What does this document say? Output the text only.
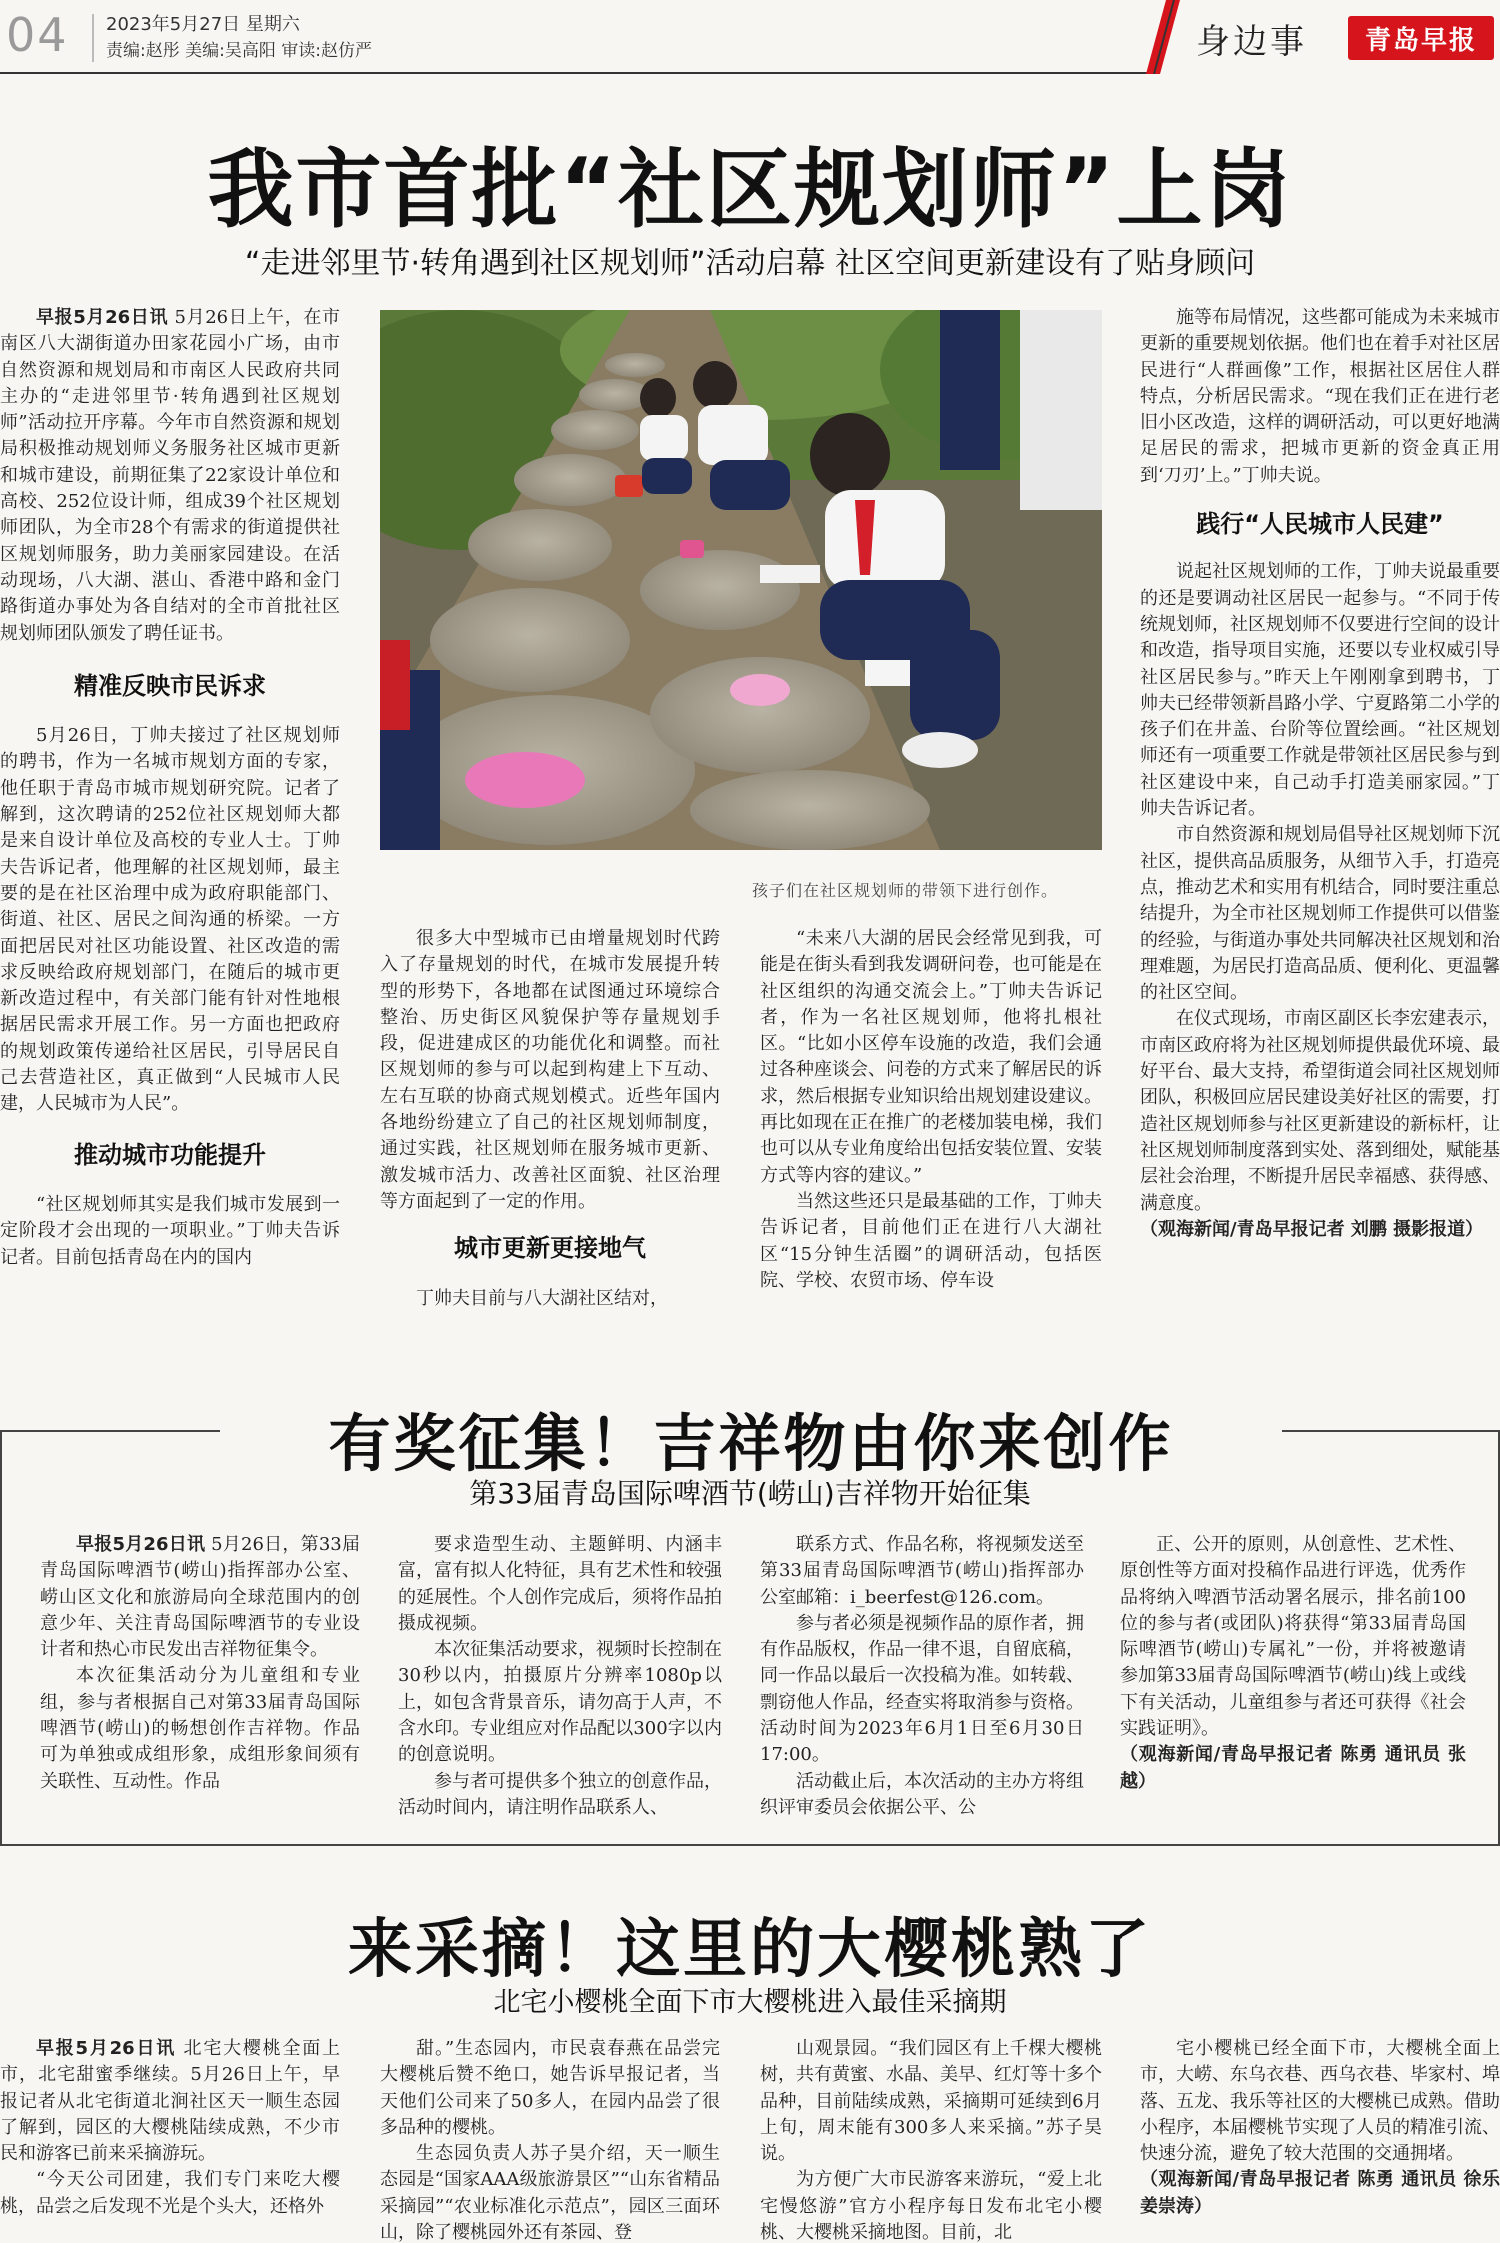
04 2023年5月27日 星期六
责编:赵彤 美编:吴高阳 审读:赵仿严	身边事	青岛早报
我市首批“社区规划师”上岗
“走进邻里节·转角遇到社区规划师”活动启幕 社区空间更新建设有了贴身顾问

早报5月26日讯 5月26日上午，在市南区八大湖街道办田家花园小广场，由市自然资源和规划局和市南区人民政府共同主办的“走进邻里节·转角遇到社区规划师”活动拉开序幕。今年市自然资源和规划局积极推动规划师义务服务社区城市更新和城市建设，前期征集了22家设计单位和高校、252位设计师，组成39个社区规划师团队，为全市28个有需求的街道提供社区规划师服务，助力美丽家园建设。在活动现场，八大湖、湛山、香港中路和金门路街道办事处为各自结对的全市首批社区规划师团队颁发了聘任证书。

精准反映市民诉求

5月26日，丁帅夫接过了社区规划师的聘书，作为一名城市规划方面的专家，他任职于青岛市城市规划研究院。记者了解到，这次聘请的252位社区规划师大都是来自设计单位及高校的专业人士。丁帅夫告诉记者，他理解的社区规划师，最主要的是在社区治理中成为政府职能部门、街道、社区、居民之间沟通的桥梁。一方面把居民对社区功能设置、社区改造的需求反映给政府规划部门，在随后的城市更新改造过程中，有关部门能有针对性地根据居民需求开展工作。另一方面也把政府的规划政策传递给社区居民，引导居民自己去营造社区，真正做到“人民城市人民建，人民城市为人民”。

推动城市功能提升

“社区规划师其实是我们城市发展到一定阶段才会出现的一项职业。”丁帅夫告诉记者。目前包括青岛在内的国内

孩子们在社区规划师的带领下进行创作。

很多大中型城市已由增量规划时代跨入了存量规划的时代，在城市发展提升转型的形势下，各地都在试图通过环境综合整治、历史街区风貌保护等存量规划手段，促进建成区的功能优化和调整。而社区规划师的参与可以起到构建上下互动、左右互联的协商式规划模式。近些年国内各地纷纷建立了自己的社区规划师制度，通过实践，社区规划师在服务城市更新、激发城市活力、改善社区面貌、社区治理等方面起到了一定的作用。

城市更新更接地气

丁帅夫目前与八大湖社区结对，

“未来八大湖的居民会经常见到我，可能是在街头看到我发调研问卷，也可能是在社区组织的沟通交流会上。”丁帅夫告诉记者，作为一名社区规划师，他将扎根社区。“比如小区停车设施的改造，我们会通过各种座谈会、问卷的方式来了解居民的诉求，然后根据专业知识给出规划建设建议。再比如现在正在推广的老楼加装电梯，我们也可以从专业角度给出包括安装位置、安装方式等内容的建议。”

当然这些还只是最基础的工作，丁帅夫告诉记者，目前他们正在进行八大湖社区“15分钟生活圈”的调研活动，包括医院、学校、农贸市场、停车设

施等布局情况，这些都可能成为未来城市更新的重要规划依据。他们也在着手对社区居民进行“人群画像”工作，根据社区居住人群特点，分析居民需求。“现在我们正在进行老旧小区改造，这样的调研活动，可以更好地满足居民的需求，把城市更新的资金真正用到‘刀刃’上。”丁帅夫说。

践行“人民城市人民建”

说起社区规划师的工作，丁帅夫说最重要的还是要调动社区居民一起参与。“不同于传统规划师，社区规划师不仅要进行空间的设计和改造，指导项目实施，还要以专业权威引导社区居民参与。”昨天上午刚刚拿到聘书，丁帅夫已经带领新昌路小学、宁夏路第二小学的孩子们在井盖、台阶等位置绘画。“社区规划师还有一项重要工作就是带领社区居民参与到社区建设中来，自己动手打造美丽家园。”丁帅夫告诉记者。

市自然资源和规划局倡导社区规划师下沉社区，提供高品质服务，从细节入手，打造亮点，推动艺术和实用有机结合，同时要注重总结提升，为全市社区规划师工作提供可以借鉴的经验，与街道办事处共同解决社区规划和治理难题，为居民打造高品质、便利化、更温馨的社区空间。

在仪式现场，市南区副区长李宏建表示，市南区政府将为社区规划师提供最优环境、最好平台、最大支持，希望街道会同社区规划师团队，积极回应居民建设美好社区的需要，打造社区规划师参与社区更新建设的新标杆，让社区规划师制度落到实处、落到细处，赋能基层社会治理，不断提升居民幸福感、获得感、满意度。

（观海新闻/青岛早报记者 刘鹏 摄影报道）

有奖征集！吉祥物由你来创作
第33届青岛国际啤酒节(崂山)吉祥物开始征集

早报5月26日讯 5月26日，第33届青岛国际啤酒节(崂山)指挥部办公室、崂山区文化和旅游局向全球范围内的创意少年、关注青岛国际啤酒节的专业设计者和热心市民发出吉祥物征集令。

本次征集活动分为儿童组和专业组，参与者根据自己对第33届青岛国际啤酒节(崂山)的畅想创作吉祥物。作品可为单独或成组形象，成组形象间须有关联性、互动性。作品

要求造型生动、主题鲜明、内涵丰富，富有拟人化特征，具有艺术性和较强的延展性。个人创作完成后，须将作品拍摄成视频。

本次征集活动要求，视频时长控制在30秒以内，拍摄原片分辨率1080p以上，如包含背景音乐，请勿高于人声，不含水印。专业组应对作品配以300字以内的创意说明。

参与者可提供多个独立的创意作品，活动时间内，请注明作品联系人、

联系方式、作品名称，将视频发送至第33届青岛国际啤酒节(崂山)指挥部办公室邮箱：i_beerfest@126.com。

参与者必须是视频作品的原作者，拥有作品版权，作品一律不退，自留底稿，同一作品以最后一次投稿为准。如转载、剽窃他人作品，经查实将取消参与资格。活动时间为2023年6月1日至6月30日17:00。

活动截止后，本次活动的主办方将组织评审委员会依据公平、公

正、公开的原则，从创意性、艺术性、原创性等方面对投稿作品进行评选，优秀作品将纳入啤酒节活动署名展示，排名前100位的参与者(或团队)将获得“第33届青岛国际啤酒节(崂山)专属礼”一份，并将被邀请参加第33届青岛国际啤酒节(崂山)线上或线下有关活动，儿童组参与者还可获得《社会实践证明》。

（观海新闻/青岛早报记者 陈勇 通讯员 张越）

来采摘！这里的大樱桃熟了
北宅小樱桃全面下市大樱桃进入最佳采摘期

早报5月26日讯 北宅大樱桃全面上市，北宅甜蜜季继续。5月26日上午，早报记者从北宅街道北涧社区天一顺生态园了解到，园区的大樱桃陆续成熟，不少市民和游客已前来采摘游玩。

“今天公司团建，我们专门来吃大樱桃，品尝之后发现不光是个头大，还格外

甜。”生态园内，市民袁春燕在品尝完大樱桃后赞不绝口，她告诉早报记者，当天他们公司来了50多人，在园内品尝了很多品种的樱桃。

生态园负责人苏子昊介绍，天一顺生态园是“国家AAA级旅游景区”“山东省精品采摘园”“农业标准化示范点”，园区三面环山，除了樱桃园外还有茶园、登

山观景园。“我们园区有上千棵大樱桃树，共有黄蜜、水晶、美早、红灯等十多个品种，目前陆续成熟，采摘期可延续到6月上旬，周末能有300多人来采摘。”苏子昊说。

为方便广大市民游客来游玩，“爱上北宅慢悠游”官方小程序每日发布北宅小樱桃、大樱桃采摘地图。目前，北

宅小樱桃已经全面下市，大樱桃全面上市，大崂、东乌衣巷、西乌衣巷、毕家村、埠落、五龙、我乐等社区的大樱桃已成熟。借助小程序，本届樱桃节实现了人员的精准引流、快速分流，避免了较大范围的交通拥堵。

（观海新闻/青岛早报记者 陈勇 通讯员 徐乐 姜崇涛）
